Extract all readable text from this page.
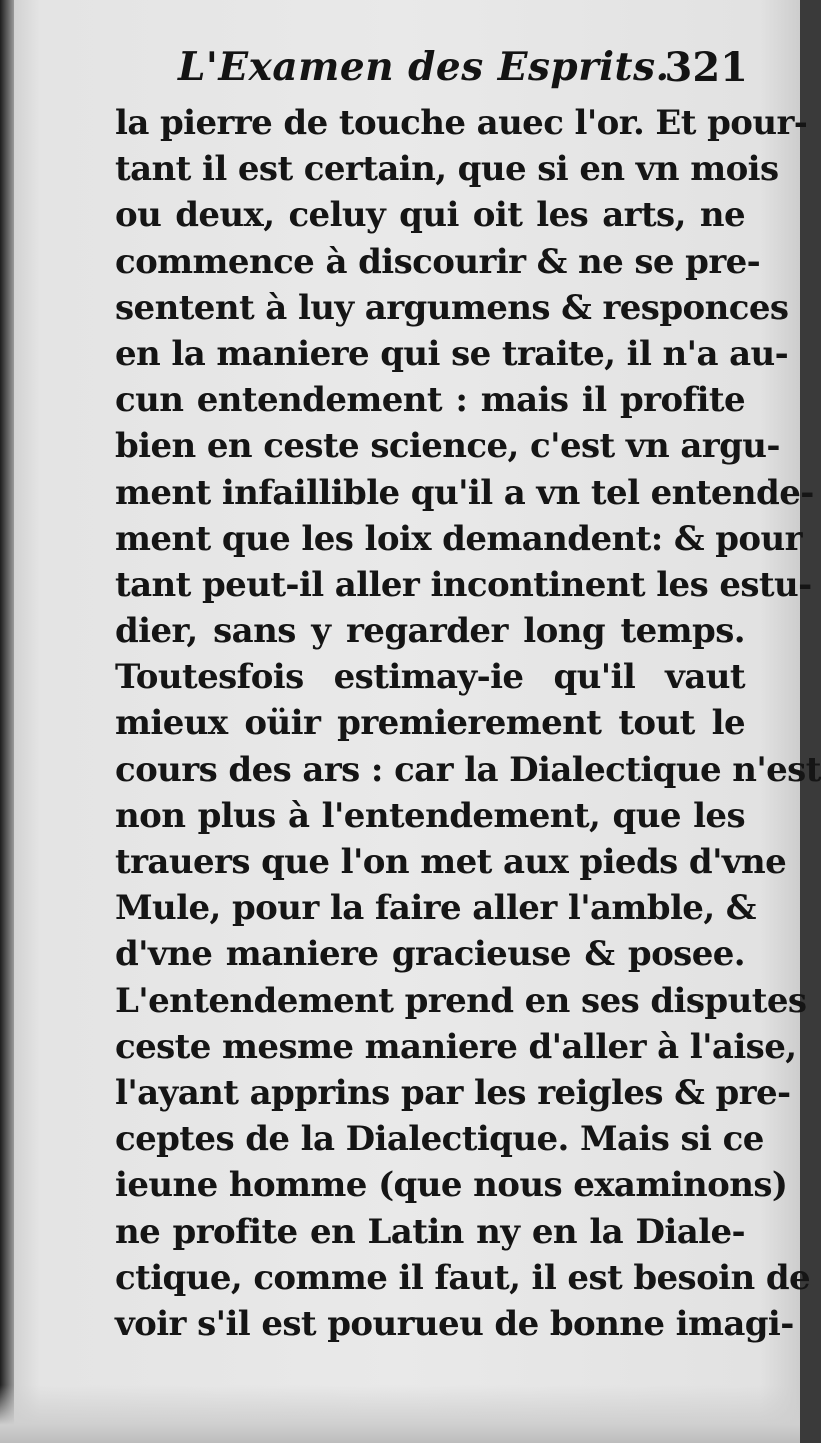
L'Examen des Esprits.
321
la pierre de touche auec l'or. Et pour-
tant il est certain, que si en vn mois
ou deux, celuy qui oit les arts, ne
commence à discourir & ne se pre-
sentent à luy argumens & responces
en la maniere qui se traite, il n'a au-
cun entendement : mais il profite
bien en ceste science, c'est vn argu-
ment infaillible qu'il a vn tel entende-
ment que les loix demandent: & pour
tant peut-il aller incontinent les estu-
dier, sans y regarder long temps.
Toutesfois estimay-ie qu'il vaut
mieux oüir premierement tout le
cours des ars : car la Dialectique n'est
non plus à l'entendement, que les
trauers que l'on met aux pieds d'vne
Mule, pour la faire aller l'amble, &
d'vne maniere gracieuse & posee.
L'entendement prend en ses disputes
ceste mesme maniere d'aller à l'aise,
l'ayant apprins par les reigles & pre-
ceptes de la Dialectique. Mais si ce
ieune homme (que nous examinons)
ne profite en Latin ny en la Diale-
ctique, comme il faut, il est besoin de
voir s'il est pourueu de bonne imagi-
